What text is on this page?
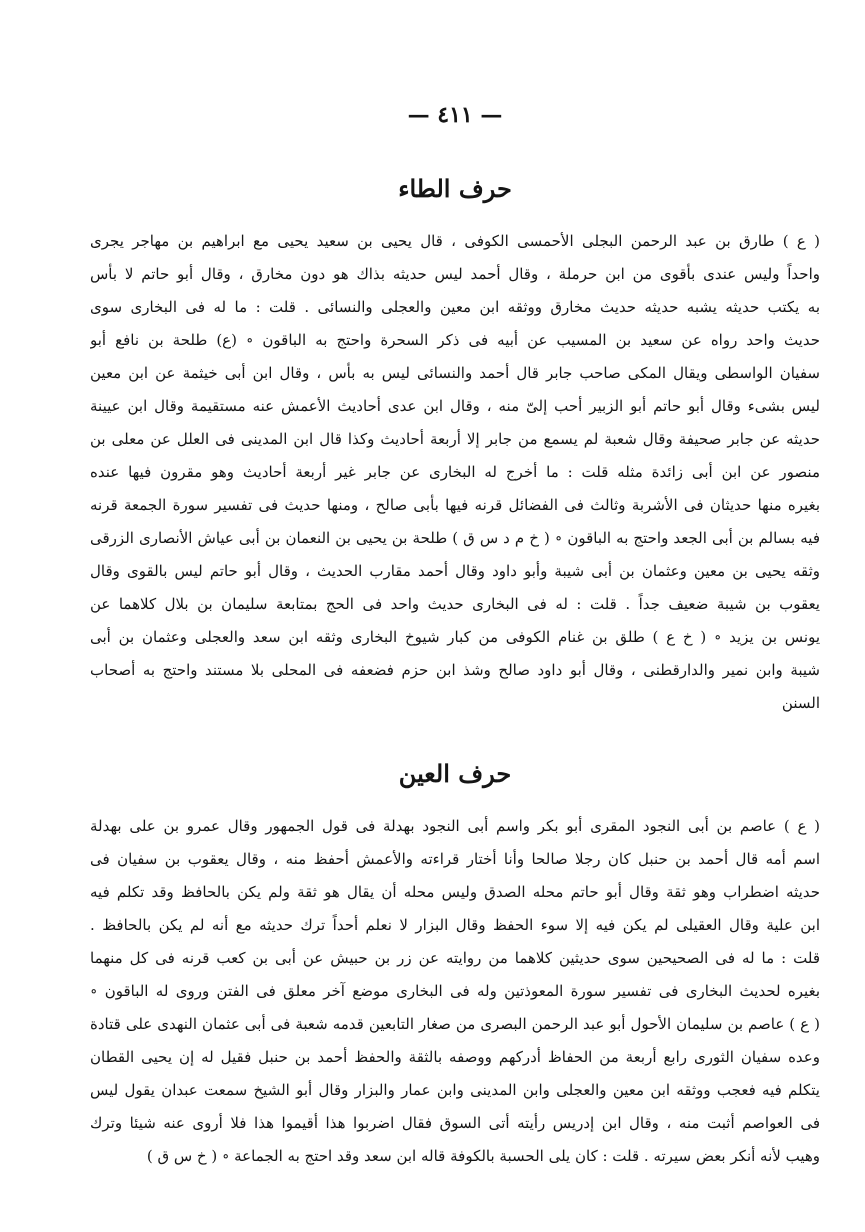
— ٤١١ —
حرف الطاء
( ع ) طارق بن عبد الرحمن البجلى الأحمسى الكوفى ، قال يحيى بن سعيد يحيى مع ابراهيم بن مهاجر يجرى
واحداً وليس عندى بأقوى من ابن حرملة ، وقال أحمد ليس حديثه بذاك هو دون مخارق ، وقال أبو حاتم لا بأس
به يكتب حديثه يشبه حديثه حديث مخارق ووثقه ابن معين والعجلى والنسائى . قلت : ما له فى البخارى سوى
حديث واحد رواه عن سعيد بن المسيب عن أبيه فى ذكر السحرة واحتج به الباقون ∘ (ع) طلحة بن نافع أبو
سفيان الواسطى ويقال المكى صاحب جابر قال أحمد والنسائى ليس به بأس ، وقال ابن أبى خيثمة عن ابن معين
ليس بشىء وقال أبو حاتم أبو الزبير أحب إلىّ منه ، وقال ابن عدى أحاديث الأعمش عنه مستقيمة وقال ابن عيينة
حديثه عن جابر صحيفة وقال شعبة لم يسمع من جابر إلا أربعة أحاديث وكذا قال ابن المدينى فى العلل عن معلى بن
منصور عن ابن أبى زائدة مثله قلت : ما أخرج له البخارى عن جابر غير أربعة أحاديث وهو مقرون فيها عنده
بغيره منها حديثان فى الأشربة وثالث فى الفضائل قرنه فيها بأبى صالح ، ومنها حديث فى تفسير سورة الجمعة قرنه
فيه بسالم بن أبى الجعد واحتج به الباقون ∘ ( خ م د س ق ) طلحة بن يحيى بن النعمان بن أبى عياش الأنصارى الزرقى
وثقه يحيى بن معين وعثمان بن أبى شيبة وأبو داود وقال أحمد مقارب الحديث ، وقال أبو حاتم ليس بالقوى وقال
يعقوب بن شيبة ضعيف جداً . قلت : له فى البخارى حديث واحد فى الحج بمتابعة سليمان بن بلال كلاهما عن
يونس بن يزيد ∘ ( خ ع ) طلق بن غنام الكوفى من كبار شيوخ البخارى وثقه ابن سعد والعجلى وعثمان بن أبى
شيبة وابن نمير والدارقطنى ، وقال أبو داود صالح وشذ ابن حزم فضعفه فى المحلى بلا مستند واحتج به أصحاب
السنن
حرف العين
( ع ) عاصم بن أبى النجود المقرى أبو بكر واسم أبى النجود بهدلة فى قول الجمهور وقال عمرو بن على بهدلة
اسم أمه قال أحمد بن حنبل كان رجلا صالحا وأنا أختار قراءته والأعمش أحفظ منه ، وقال يعقوب بن سفيان فى
حديثه اضطراب وهو ثقة وقال أبو حاتم محله الصدق وليس محله أن يقال هو ثقة ولم يكن بالحافظ وقد تكلم فيه
ابن علية وقال العقيلى لم يكن فيه إلا سوء الحفظ وقال البزار لا نعلم أحداً ترك حديثه مع أنه لم يكن بالحافظ .
قلت : ما له فى الصحيحين سوى حديثين كلاهما من روايته عن زر بن حبيش عن أبى بن كعب قرنه فى كل منهما
بغيره لحديث البخارى فى تفسير سورة المعوذتين وله فى البخارى موضع آخر معلق فى الفتن وروى له الباقون ∘
( ع ) عاصم بن سليمان الأحول أبو عبد الرحمن البصرى من صغار التابعين قدمه شعبة فى أبى عثمان النهدى على قتادة
وعده سفيان الثورى رابع أربعة من الحفاظ أدركهم ووصفه بالثقة والحفظ أحمد بن حنبل فقيل له إن يحيى القطان
يتكلم فيه فعجب ووثقه ابن معين والعجلى وابن المدينى وابن عمار والبزار وقال أبو الشيخ سمعت عبدان يقول ليس
فى العواصم أثبت منه ، وقال ابن إدريس رأيته أتى السوق فقال اضربوا هذا أقيموا هذا فلا أروى عنه شيئا وترك
وهيب لأنه أنكر بعض سيرته . قلت : كان يلى الحسبة بالكوفة قاله ابن سعد وقد احتج به الجماعة ∘ ( خ س ق )
